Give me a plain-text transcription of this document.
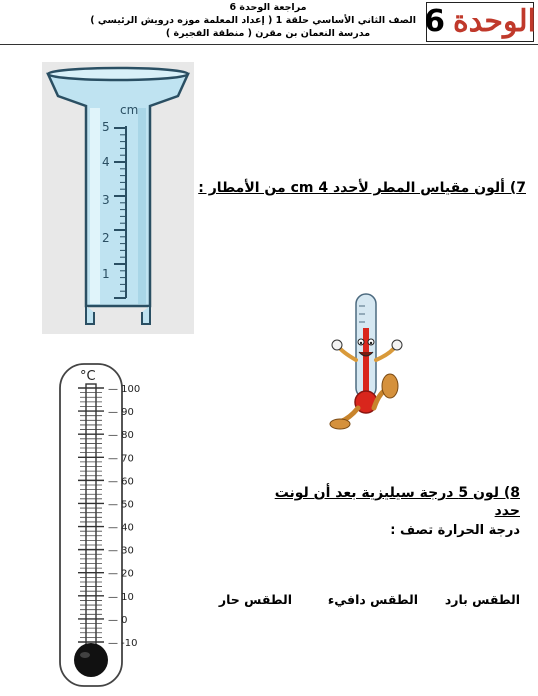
الوحدة
6
مراجعة الوحدة 6
الصف الثاني الأساسي حلقة 1 ( إعداد المعلمة موزه درويش الرئيسي )
مدرسة النعمان بن مقرن ( منطقة الفجيرة )
cm
5
4
3
2
1
7) ألون مقياس المطر لأحدد cm 4 من الأمطار :
°C
— 100
— 90
— 80
— 70
— 60
— 50
— 40
— 30
— 20
— 10
— 0
— -10
8) لون 5 درجة سيليزية بعد أن لونت
حدد
درجة الحرارة تصف :
الطقس بارد
الطقس دافيء
الطقس حار
